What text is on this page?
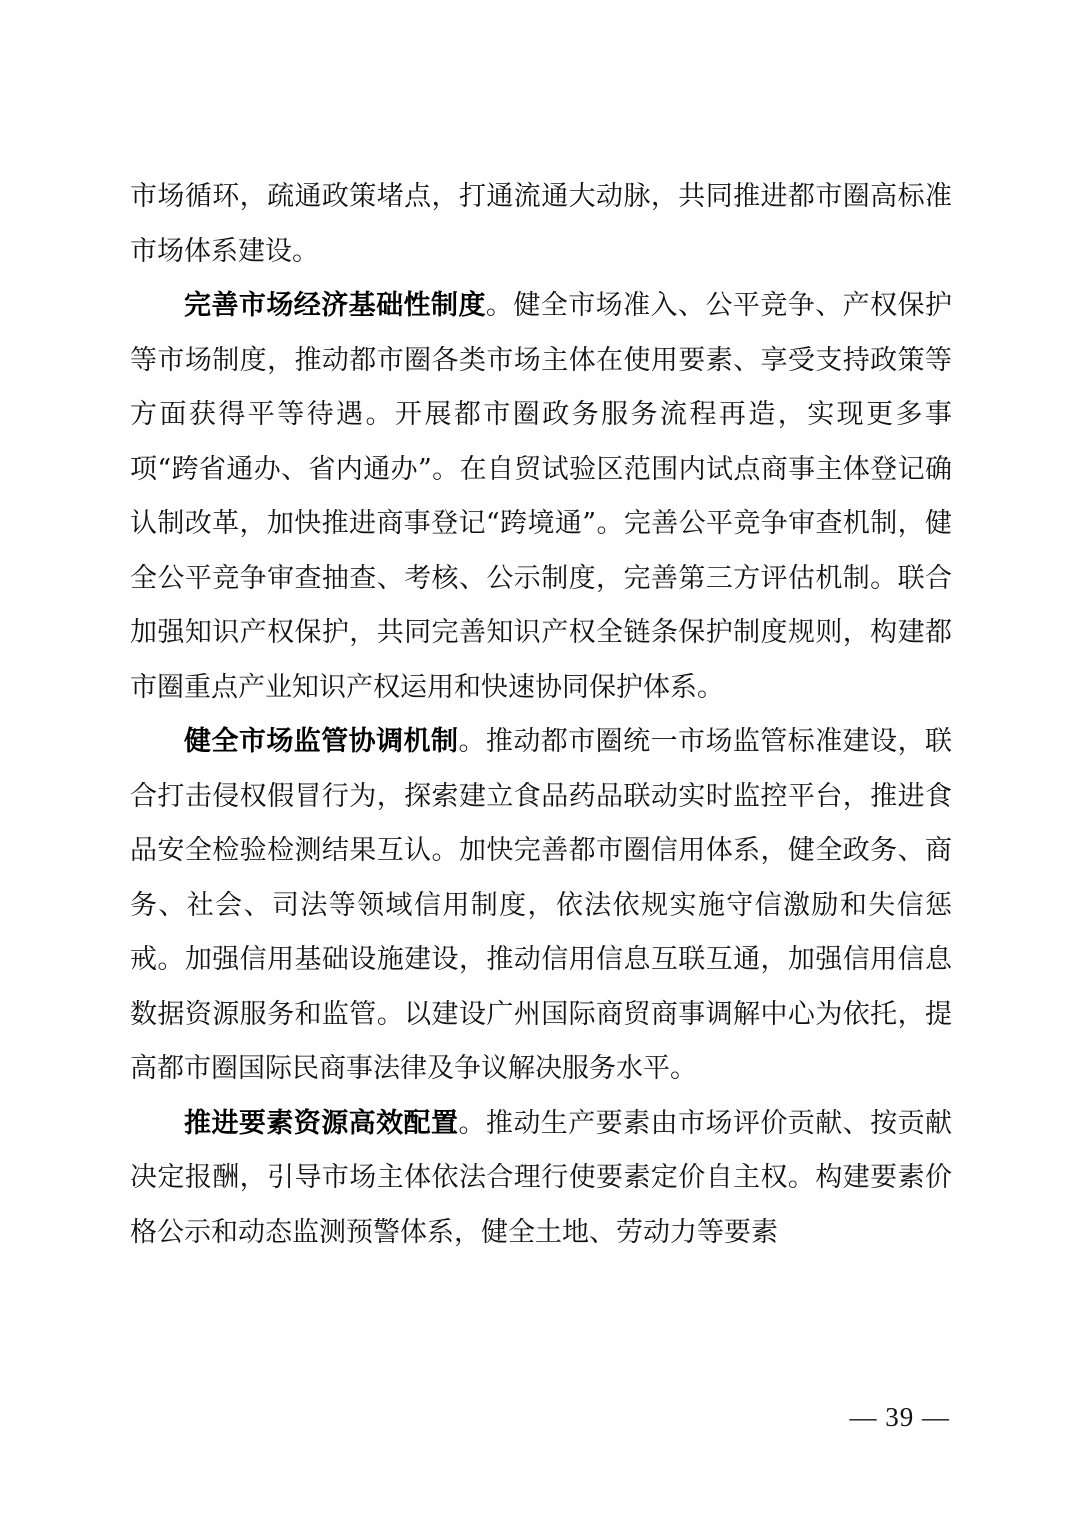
市场循环，疏通政策堵点，打通流通大动脉，共同推进都市圈高标准市场体系建设。

完善市场经济基础性制度。健全市场准入、公平竞争、产权保护等市场制度，推动都市圈各类市场主体在使用要素、享受支持政策等方面获得平等待遇。开展都市圈政务服务流程再造，实现更多事项“跨省通办、省内通办”。在自贸试验区范围内试点商事主体登记确认制改革，加快推进商事登记“跨境通”。完善公平竞争审查机制，健全公平竞争审查抽查、考核、公示制度，完善第三方评估机制。联合加强知识产权保护，共同完善知识产权全链条保护制度规则，构建都市圈重点产业知识产权运用和快速协同保护体系。

健全市场监管协调机制。推动都市圈统一市场监管标准建设，联合打击侵权假冒行为，探索建立食品药品联动实时监控平台，推进食品安全检验检测结果互认。加快完善都市圈信用体系，健全政务、商务、社会、司法等领域信用制度，依法依规实施守信激励和失信惩戒。加强信用基础设施建设，推动信用信息互联互通，加强信用信息数据资源服务和监管。以建设广州国际商贸商事调解中心为依托，提高都市圈国际民商事法律及争议解决服务水平。

推进要素资源高效配置。推动生产要素由市场评价贡献、按贡献决定报酬，引导市场主体依法合理行使要素定价自主权。构建要素价格公示和动态监测预警体系，健全土地、劳动力等要素

— 39 —
